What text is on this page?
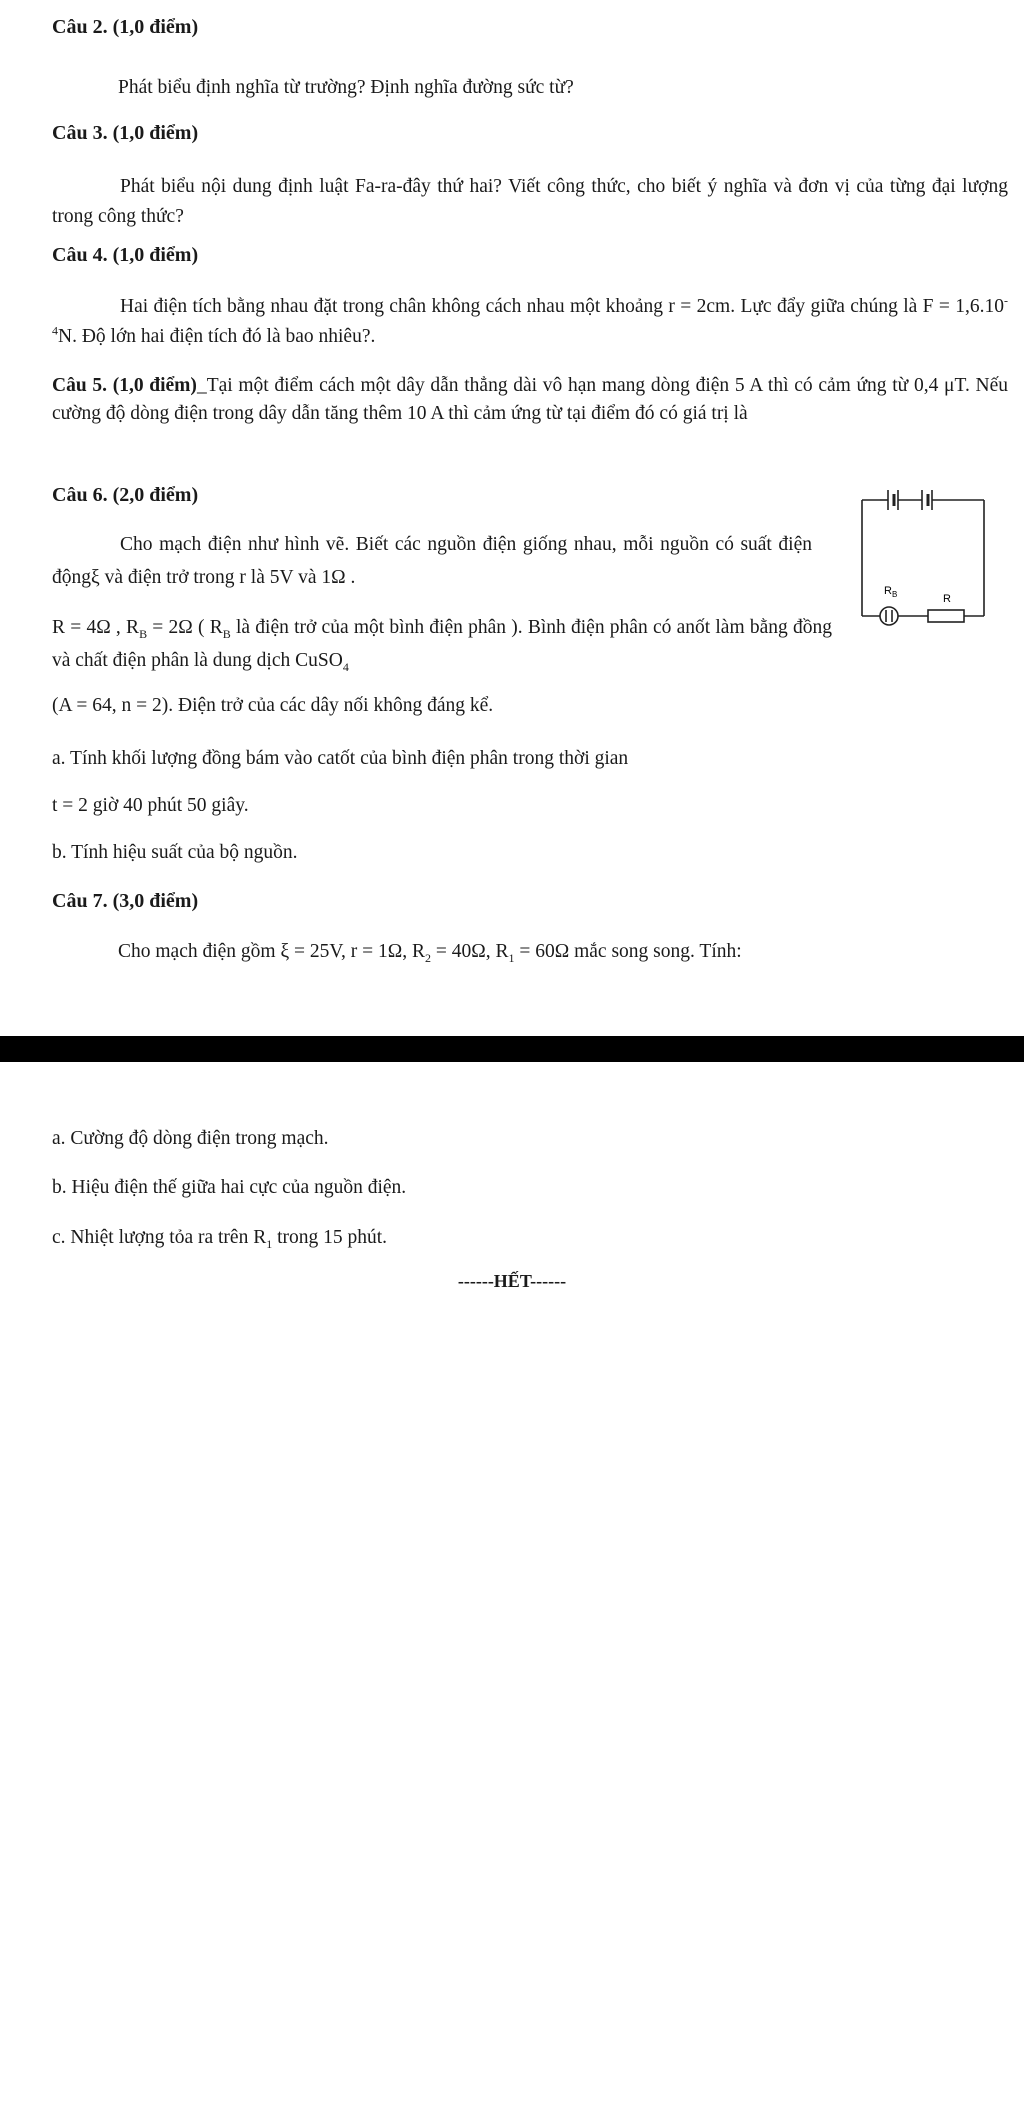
Câu 2. (1,0 điểm)
Phát biểu định nghĩa từ trường? Định nghĩa đường sức từ?
Câu 3. (1,0 điểm)
Phát biểu nội dung định luật Fa-ra-đây thứ hai? Viết công thức, cho biết ý nghĩa và đơn vị của từng đại lượng trong công thức?
Câu 4. (1,0 điểm)
Hai điện tích bằng nhau đặt trong chân không cách nhau một khoảng r = 2cm. Lực đẩy giữa chúng là $F = 1,6.10^{-4}N$. Độ lớn hai điện tích đó là bao nhiêu?.
Câu 5. (1,0 điểm)_Tại một điểm cách một dây dẫn thẳng dài vô hạn mang dòng điện 5 A thì có cảm ứng từ 0,4 μT. Nếu cường độ dòng điện trong dây dẫn tăng thêm 10 A thì cảm ứng từ tại điểm đó có giá trị là
Câu 6. (2,0 điểm)
Cho mạch điện như hình vẽ. Biết các nguồn điện giống nhau, mỗi nguồn có suất điện độngξ và điện trở trong r là 5V và 1Ω .
R = 4Ω , $R_B = 2\Omega$ ( $R_B$ là điện trở của một bình điện phân ). Bình điện phân có anốt làm bằng đồng và chất điện phân là dung dịch CuSO$_4$
(A = 64, n = 2). Điện trở của các dây nối không đáng kể.
a. Tính khối lượng đồng bám vào catốt của bình điện phân trong thời gian
t = 2 giờ 40 phút 50 giây.
b. Tính hiệu suất của bộ nguồn.
$R_B$	R
Câu 7. (3,0 điểm)
Cho mạch điện gồm ξ = 25V, r = 1Ω, $R_2 = 40\Omega$, $R_1 = 60\Omega$ mắc song song. Tính:
a. Cường độ dòng điện trong mạch.
b. Hiệu điện thế giữa hai cực của nguồn điện.
c. Nhiệt lượng tỏa ra trên $R_1$ trong 15 phút.
------HẾT------
